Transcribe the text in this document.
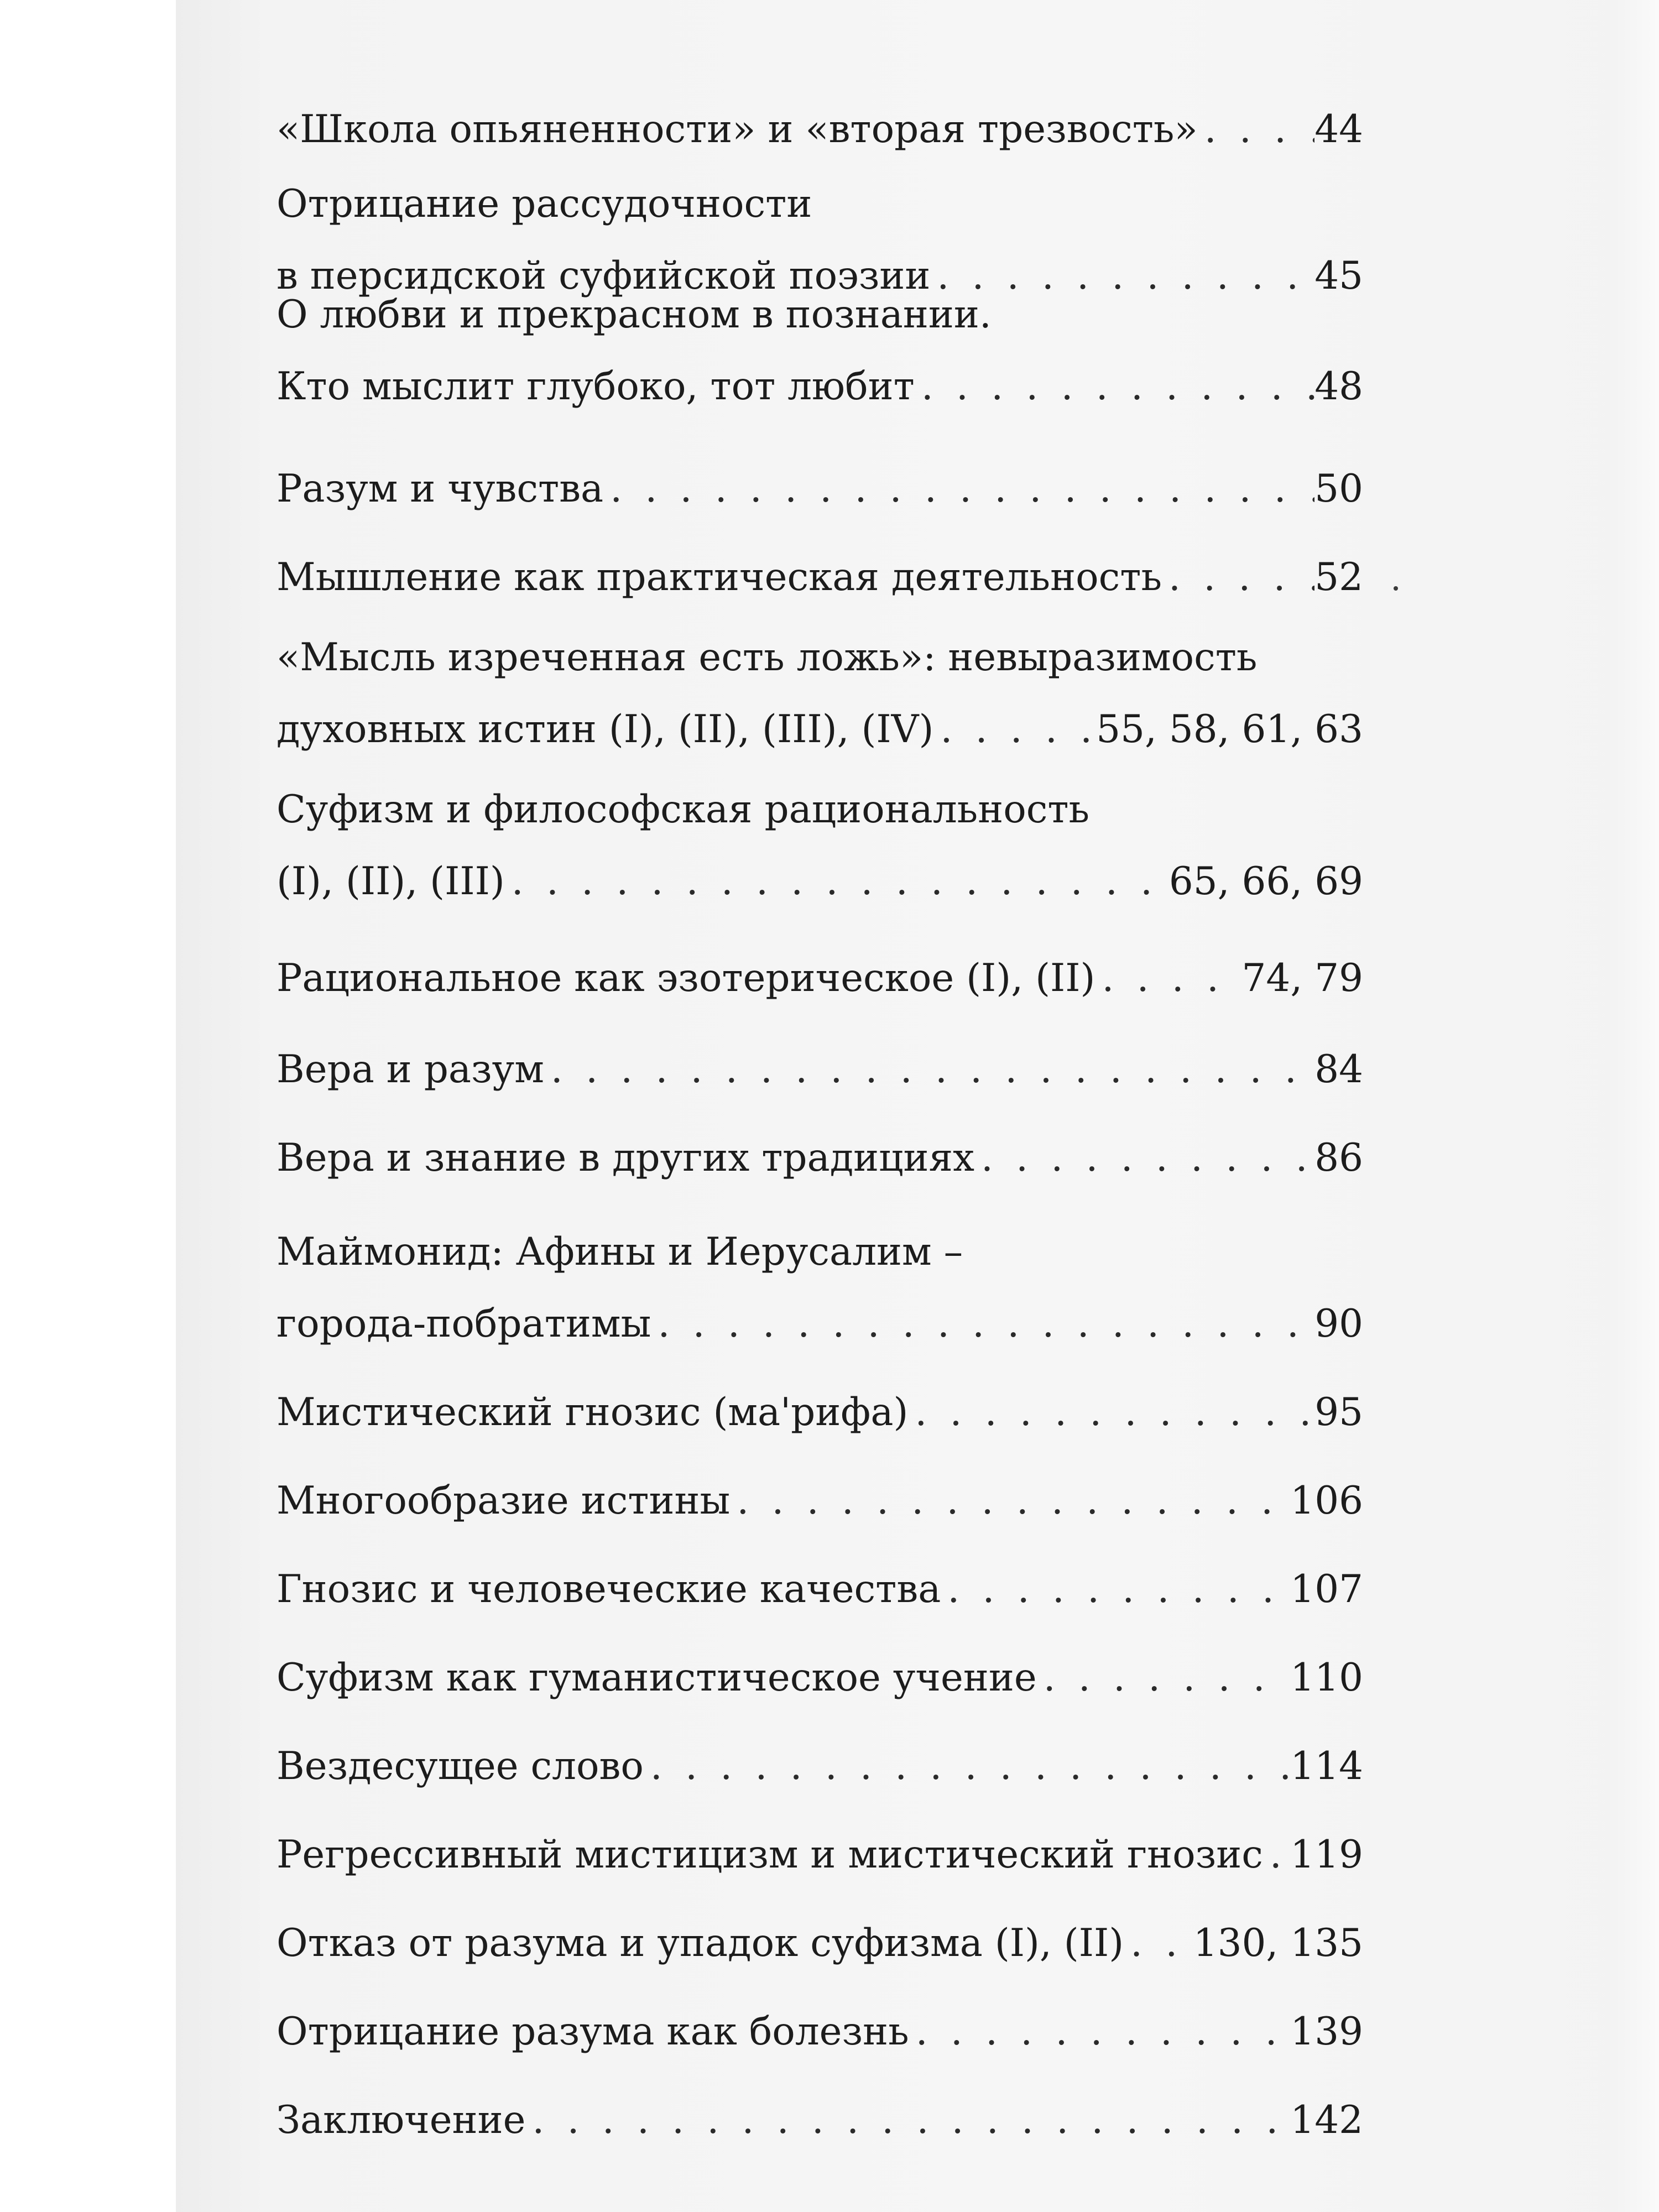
«Школа опьяненности» и «вторая трезвость» . . .	44
Отрицание рассудочности
в персидской суфийской поэзии . . .	45
О любви и прекрасном в познании.
Кто мыслит глубоко, тот любит . . .	48
Разум и чувства . . .	50
Мышление как практическая деятельность . . .	52
«Мысль изреченная есть ложь»: невыразимость
духовных истин (I), (II), (III), (IV) . . .	55, 58, 61, 63
Суфизм и философская рациональность
(I), (II), (III) . . .	65, 66, 69
Рациональное как эзотерическое (I), (II) . . .	74, 79
Вера и разум . . .	84
Вера и знание в других традициях . . .	86
Маймонид: Афины и Иерусалим –
города-побратимы . . .	90
Мистический гнозис (ма'рифа) . . .	95
Многообразие истины . . .	106
Гнозис и человеческие качества . . .	107
Суфизм как гуманистическое учение . . .	110
Вездесущее слово . . .	114
Регрессивный мистицизм и мистический гнозис . . . 119
Отказ от разума и упадок суфизма (I), (II) . . . 130, 135
Отрицание разума как болезнь . . .	139
Заключение . . .	142
